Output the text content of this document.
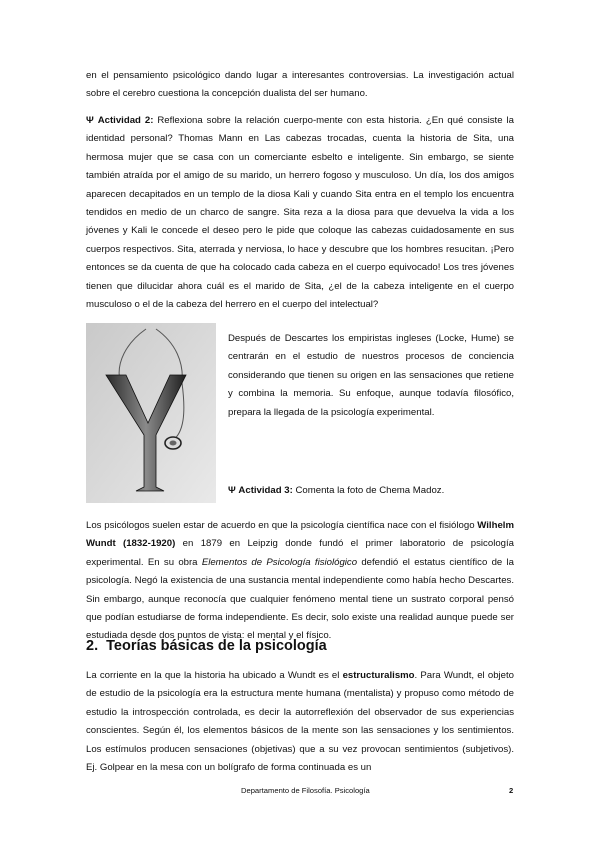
en el pensamiento psicológico dando lugar a interesantes controversias. La investigación actual sobre el cerebro cuestiona la concepción dualista del ser humano.

Ψ Actividad 2: Reflexiona sobre la relación cuerpo-mente con esta historia. ¿En qué consiste la identidad personal? Thomas Mann en Las cabezas trocadas, cuenta la historia de Sita, una hermosa mujer que se casa con un comerciante esbelto e inteligente. Sin embargo, se siente también atraída por el amigo de su marido, un herrero fogoso y musculoso. Un día, los dos amigos aparecen decapitados en un templo de la diosa Kali y cuando Sita entra en el templo los encuentra tendidos en medio de un charco de sangre. Sita reza a la diosa para que devuelva la vida a los jóvenes y Kali le concede el deseo pero le pide que coloque las cabezas cuidadosamente en sus cuerpos respectivos. Sita, aterrada y nerviosa, lo hace y descubre que los hombres resucitan. ¡Pero entonces se da cuenta de que ha colocado cada cabeza en el cuerpo equivocado! Los tres jóvenes tienen que dilucidar ahora cuál es el marido de Sita, ¿el de la cabeza inteligente en el cuerpo musculoso o el de la cabeza del herrero en el cuerpo del intelectual?

Después de Descartes los empiristas ingleses (Locke, Hume) se centrarán en el estudio de nuestros procesos de conciencia considerando que tienen su origen en las sensaciones que retiene y combina la memoria. Su enfoque, aunque todavía filosófico, prepara la llegada de la psicología experimental.

Ψ Actividad 3: Comenta la foto de Chema Madoz.

Los psicólogos suelen estar de acuerdo en que la psicología científica nace con el fisiólogo Wilhelm Wundt (1832-1920) en 1879 en Leipzig donde fundó el primer laboratorio de psicología experimental. En su obra Elementos de Psicología fisiológico defendió el estatus científico de la psicología. Negó la existencia de una sustancia mental independiente como había hecho Descartes. Sin embargo, aunque reconocía que cualquier fenómeno mental tiene un sustrato corporal pensó que podían estudiarse de forma independiente. Es decir, solo existe una realidad aunque puede ser estudiada desde dos puntos de vista: el mental y el físico.

2. Teorías básicas de la psicología

La corriente en la que la historia ha ubicado a Wundt es el estructuralismo. Para Wundt, el objeto de estudio de la psicología era la estructura mente humana (mentalista) y propuso como método de estudio la introspección controlada, es decir la autorreflexión del observador de sus experiencias conscientes. Según él, los elementos básicos de la mente son las sensaciones y los sentimientos. Los estímulos producen sensaciones (objetivas) que a su vez provocan sentimientos (subjetivos). Ej. Golpear en la mesa con un bolígrafo de forma continuada es un

Departamento de Filosofía. Psicología	2
